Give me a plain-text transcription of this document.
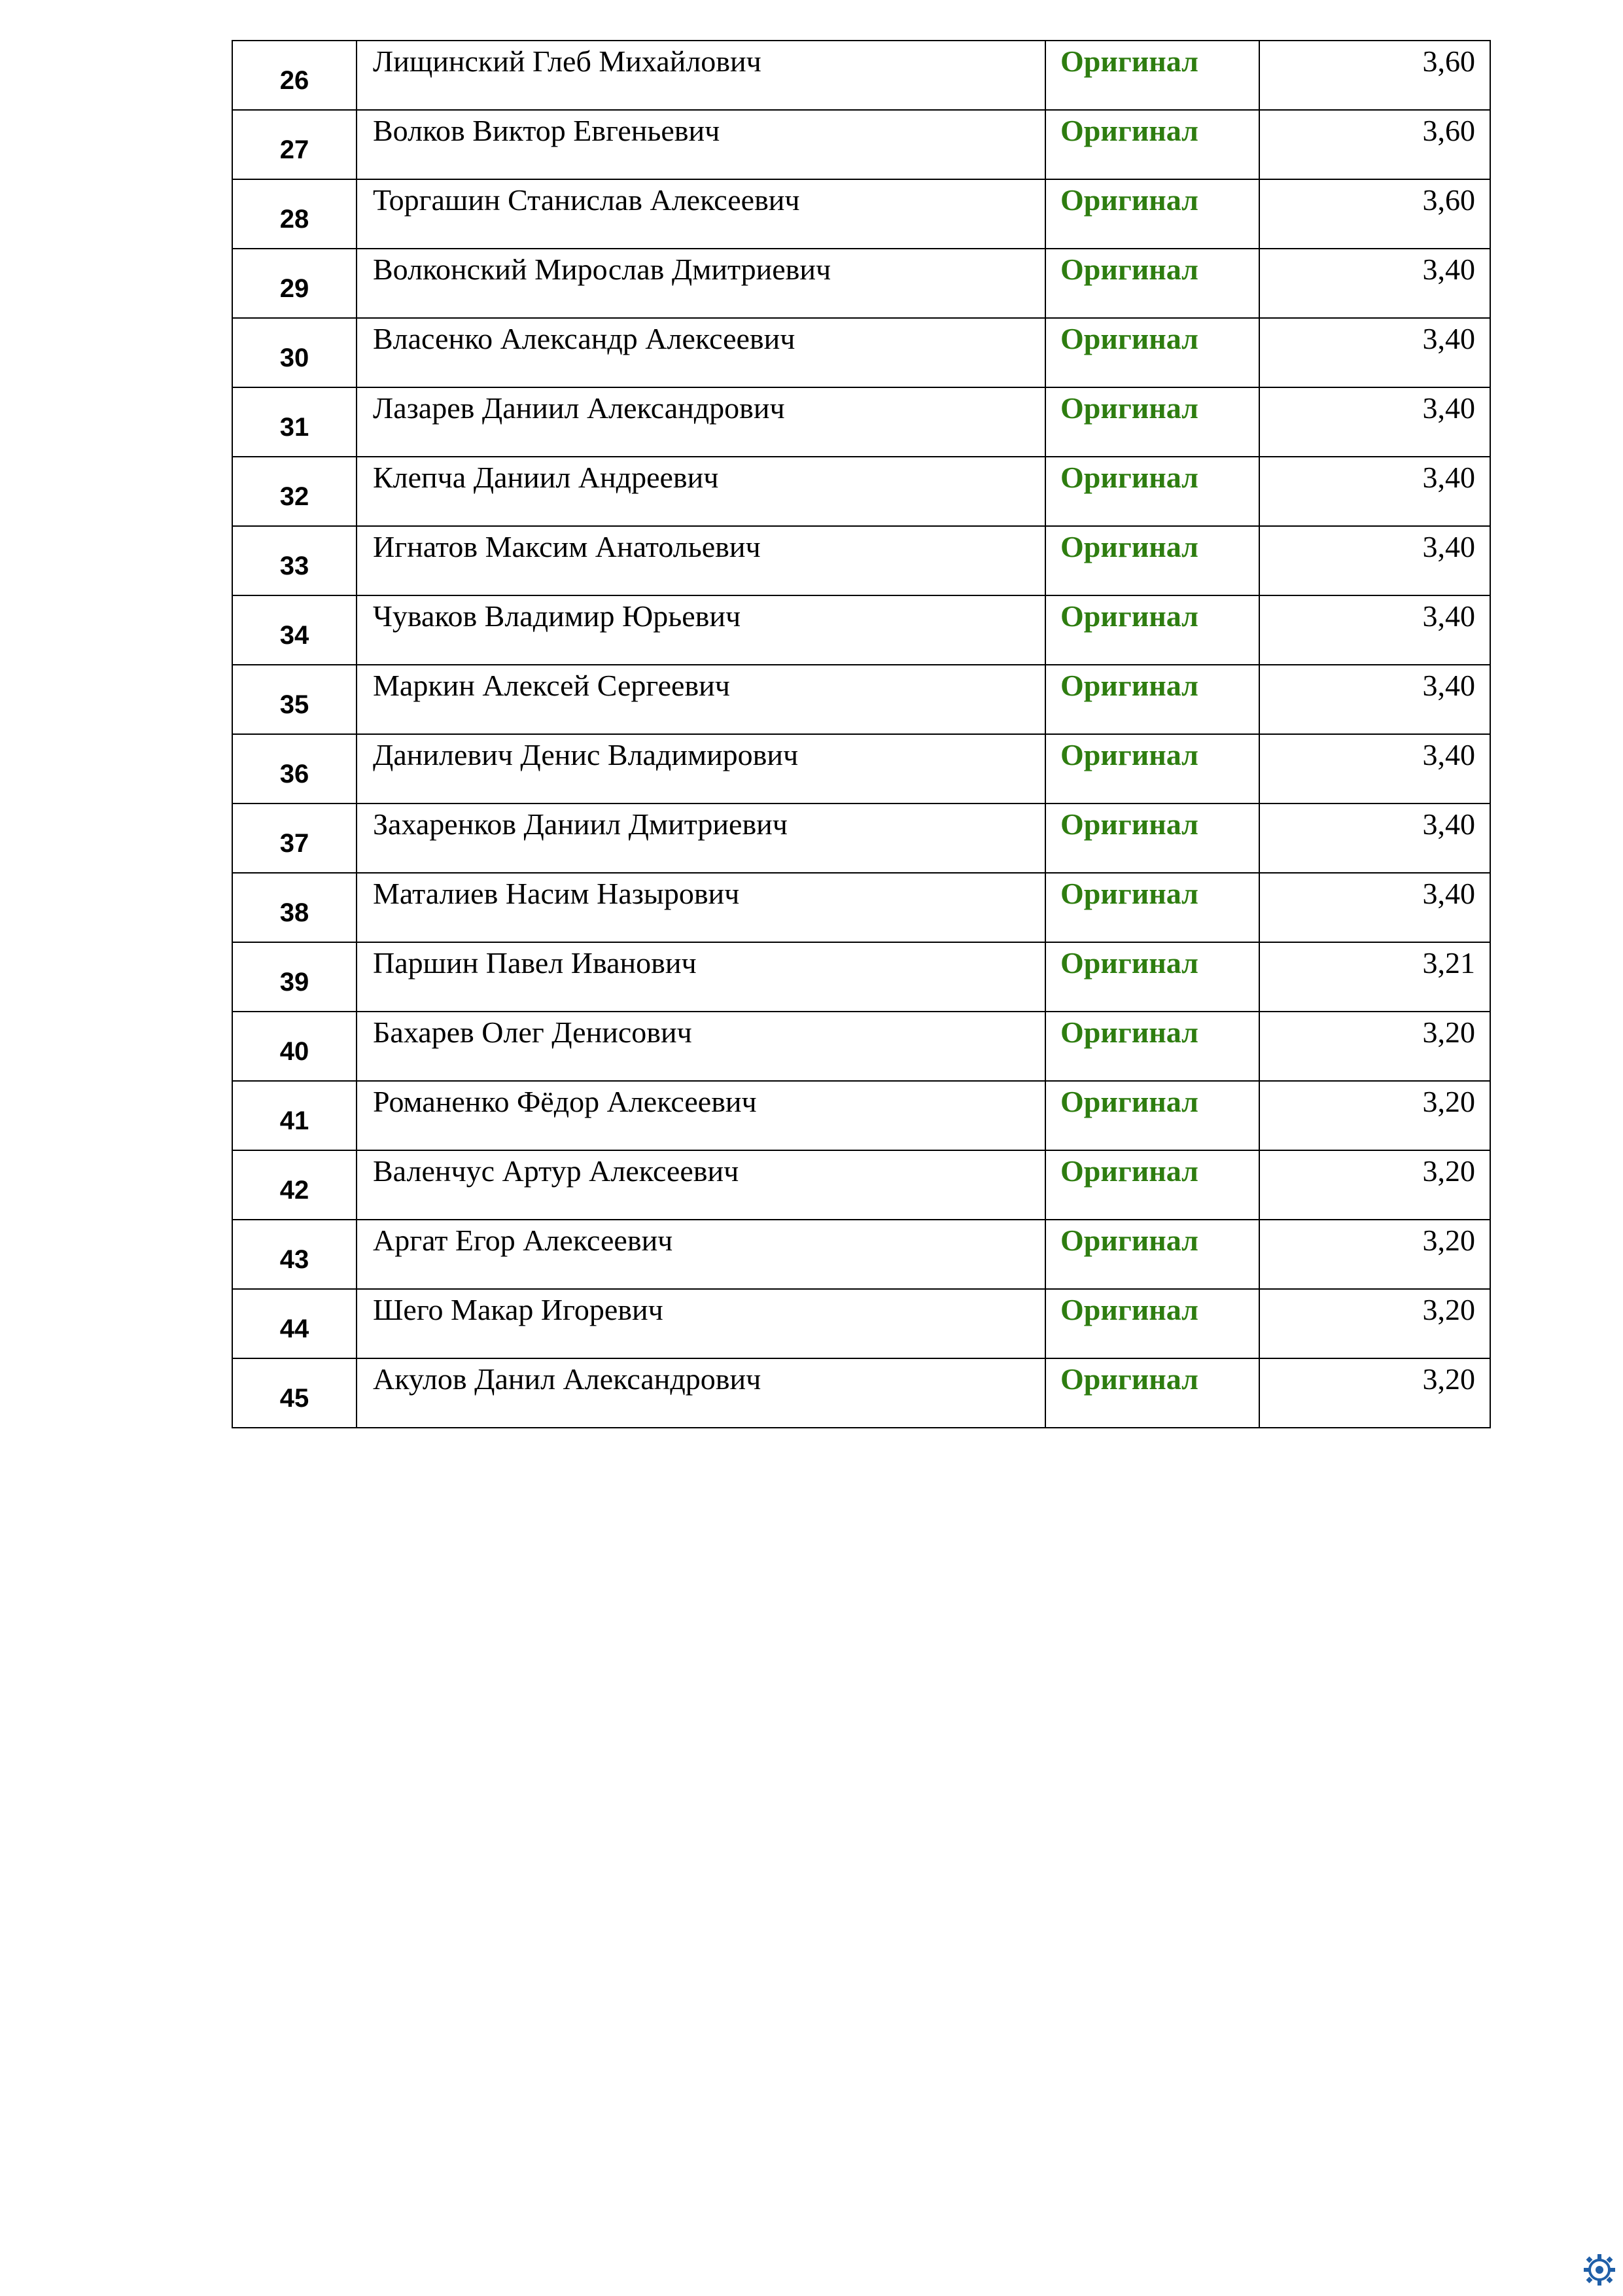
26	Лищинский Глеб Михайлович	Оригинал	3,60
27	Волков Виктор Евгеньевич	Оригинал	3,60
28	Торгашин Станислав Алексеевич	Оригинал	3,60
29	Волконский Мирослав Дмитриевич	Оригинал	3,40
30	Власенко Александр Алексеевич	Оригинал	3,40
31	Лазарев Даниил Александрович	Оригинал	3,40
32	Клепча Даниил Андреевич	Оригинал	3,40
33	Игнатов Максим Анатольевич	Оригинал	3,40
34	Чуваков Владимир Юрьевич	Оригинал	3,40
35	Маркин Алексей Сергеевич	Оригинал	3,40
36	Данилевич Денис Владимирович	Оригинал	3,40
37	Захаренков Даниил Дмитриевич	Оригинал	3,40
38	Маталиев Насим Назырович	Оригинал	3,40
39	Паршин Павел Иванович	Оригинал	3,21
40	Бахарев Олег Денисович	Оригинал	3,20
41	Романенко Фёдор Алексеевич	Оригинал	3,20
42	Валенчус Артур Алексеевич	Оригинал	3,20
43	Аргат Егор Алексеевич	Оригинал	3,20
44	Шего Макар Игоревич	Оригинал	3,20
45	Акулов Данил Александрович	Оригинал	3,20
